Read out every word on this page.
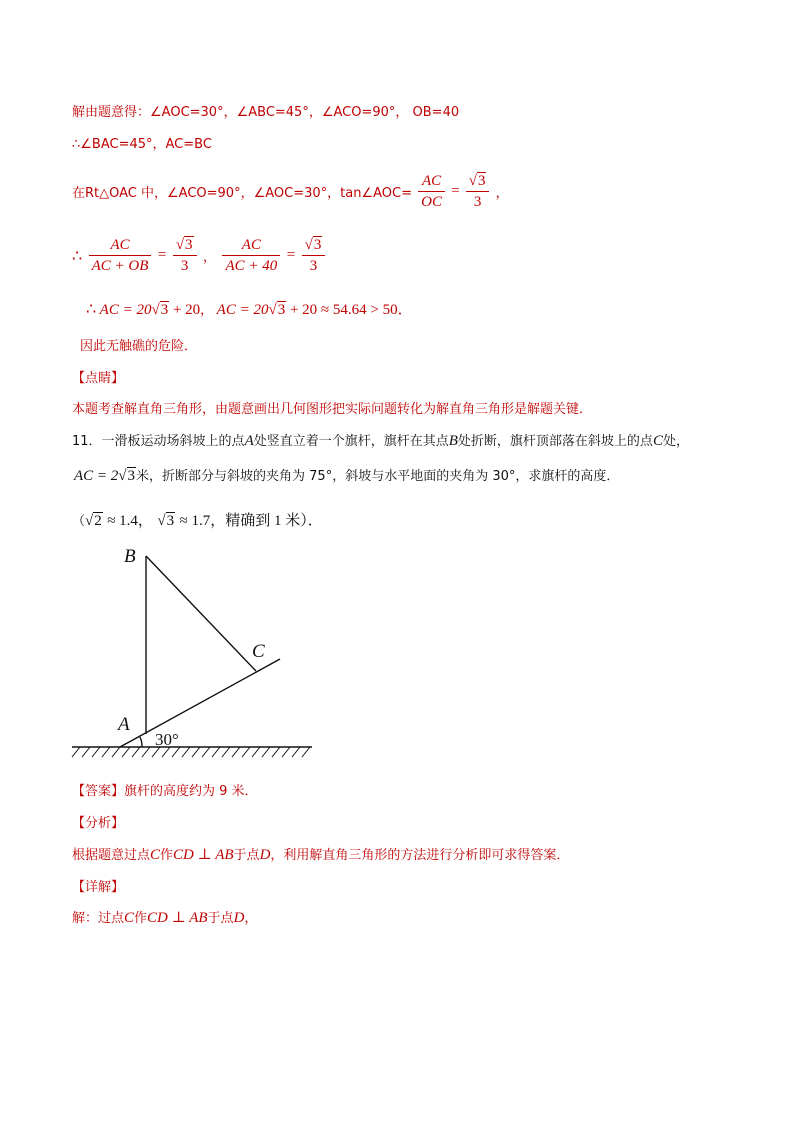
解由题意得：∠AOC=30°，∠ABC=45°，∠ACO=90°， OB=40
∴∠BAC=45°，AC=BC
在Rt△OAC 中，∠ACO=90°，∠AOC=30°，tan∠AOC= $\frac{AC}{OC} = \frac{√3}{3}$ ，
∴ $\frac{AC}{AC + OB} = \frac{√3}{3}$ ， $\frac{AC}{AC + 40} = \frac{√3}{3}$
∴ AC = 20√3 + 20， AC = 20√3 + 20 ≈ 54.64 > 50．
因此无触礁的危险．
【点睛】
本题考查解直角三角形，由题意画出几何图形把实际问题转化为解直角三角形是解题关键．
11．一滑板运动场斜坡上的点A处竖直立着一个旗杆，旗杆在其点B处折断，旗杆顶部落在斜坡上的点C处，
AC = 2√3米，折断部分与斜坡的夹角为 75°，斜坡与水平地面的夹角为 30°，求旗杆的高度．
（√2 ≈ 1.4， √3 ≈ 1.7，精确到 1 米）．
B
C
A
30°
【答案】旗杆的高度约为 9 米．
【分析】
根据题意过点C作CD ⊥ AB于点D，利用解直角三角形的方法进行分析即可求得答案．
【详解】
解：过点C作CD ⊥ AB于点D，
